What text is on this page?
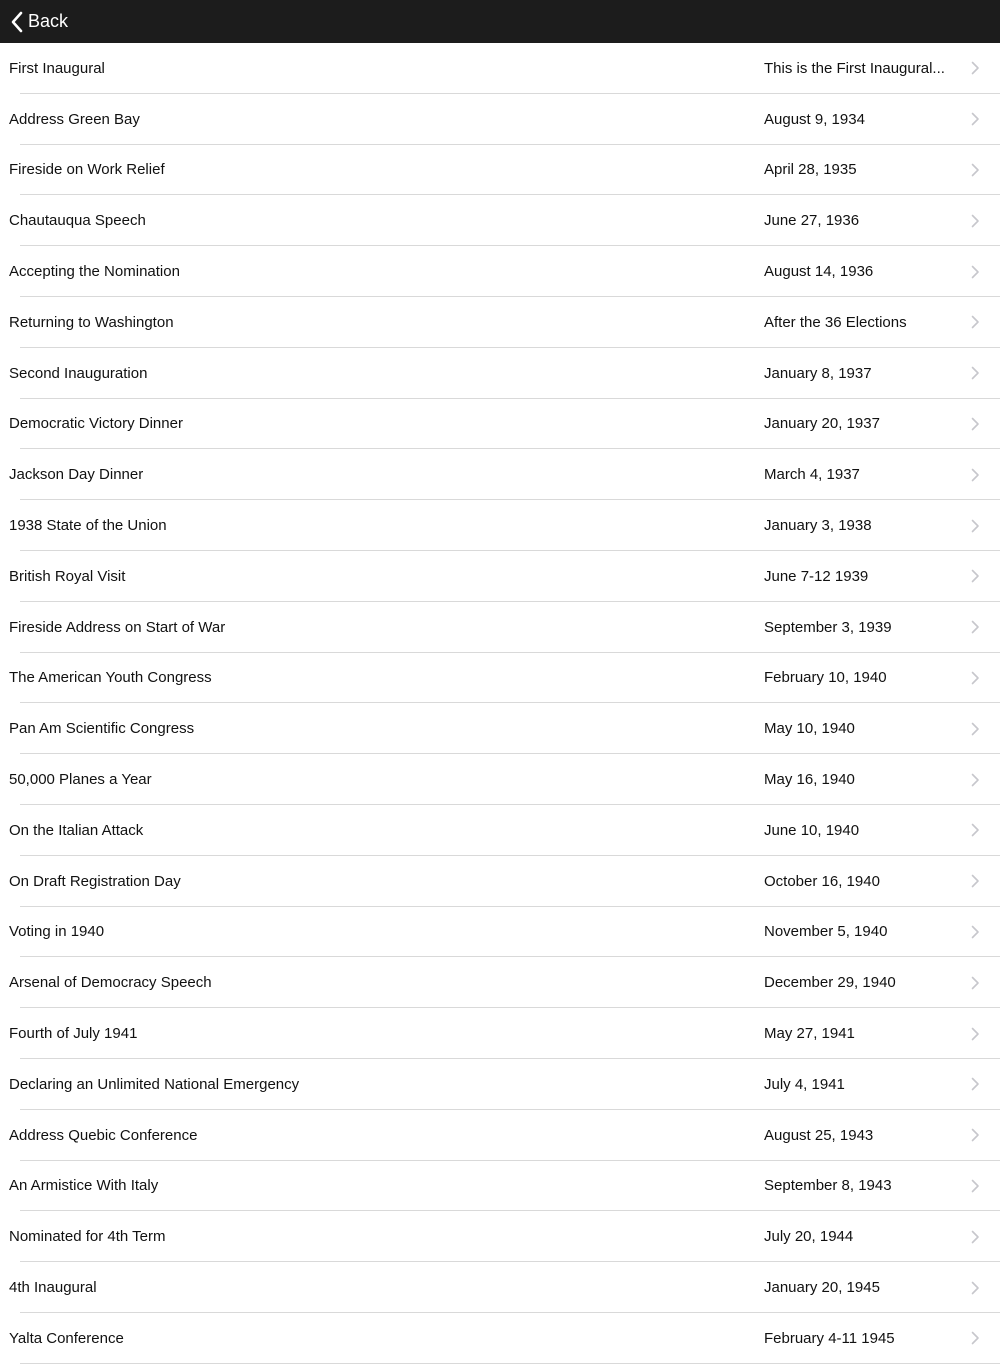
Back
First Inaugural	This is the First Inaugural...
Address Green Bay	August 9, 1934
Fireside on Work Relief	April 28, 1935
Chautauqua Speech	June 27, 1936
Accepting the Nomination	August 14, 1936
Returning to Washington	After the 36 Elections
Second Inauguration	January 8, 1937
Democratic Victory Dinner	January 20, 1937
Jackson Day Dinner	March 4, 1937
1938 State of the Union	January 3, 1938
British Royal Visit	June 7-12 1939
Fireside Address on Start of War	September 3, 1939
The American Youth Congress	February 10, 1940
Pan Am Scientific Congress	May 10, 1940
50,000 Planes a Year	May 16, 1940
On the Italian Attack	June 10, 1940
On Draft Registration Day	October 16, 1940
Voting in 1940	November 5, 1940
Arsenal of Democracy Speech	December 29, 1940
Fourth of July 1941	May 27, 1941
Declaring an Unlimited National Emergency	July 4, 1941
Address Quebic Conference	August 25, 1943
An Armistice With Italy	September 8, 1943
Nominated for 4th Term	July 20, 1944
4th Inaugural	January 20, 1945
Yalta Conference	February 4-11 1945
